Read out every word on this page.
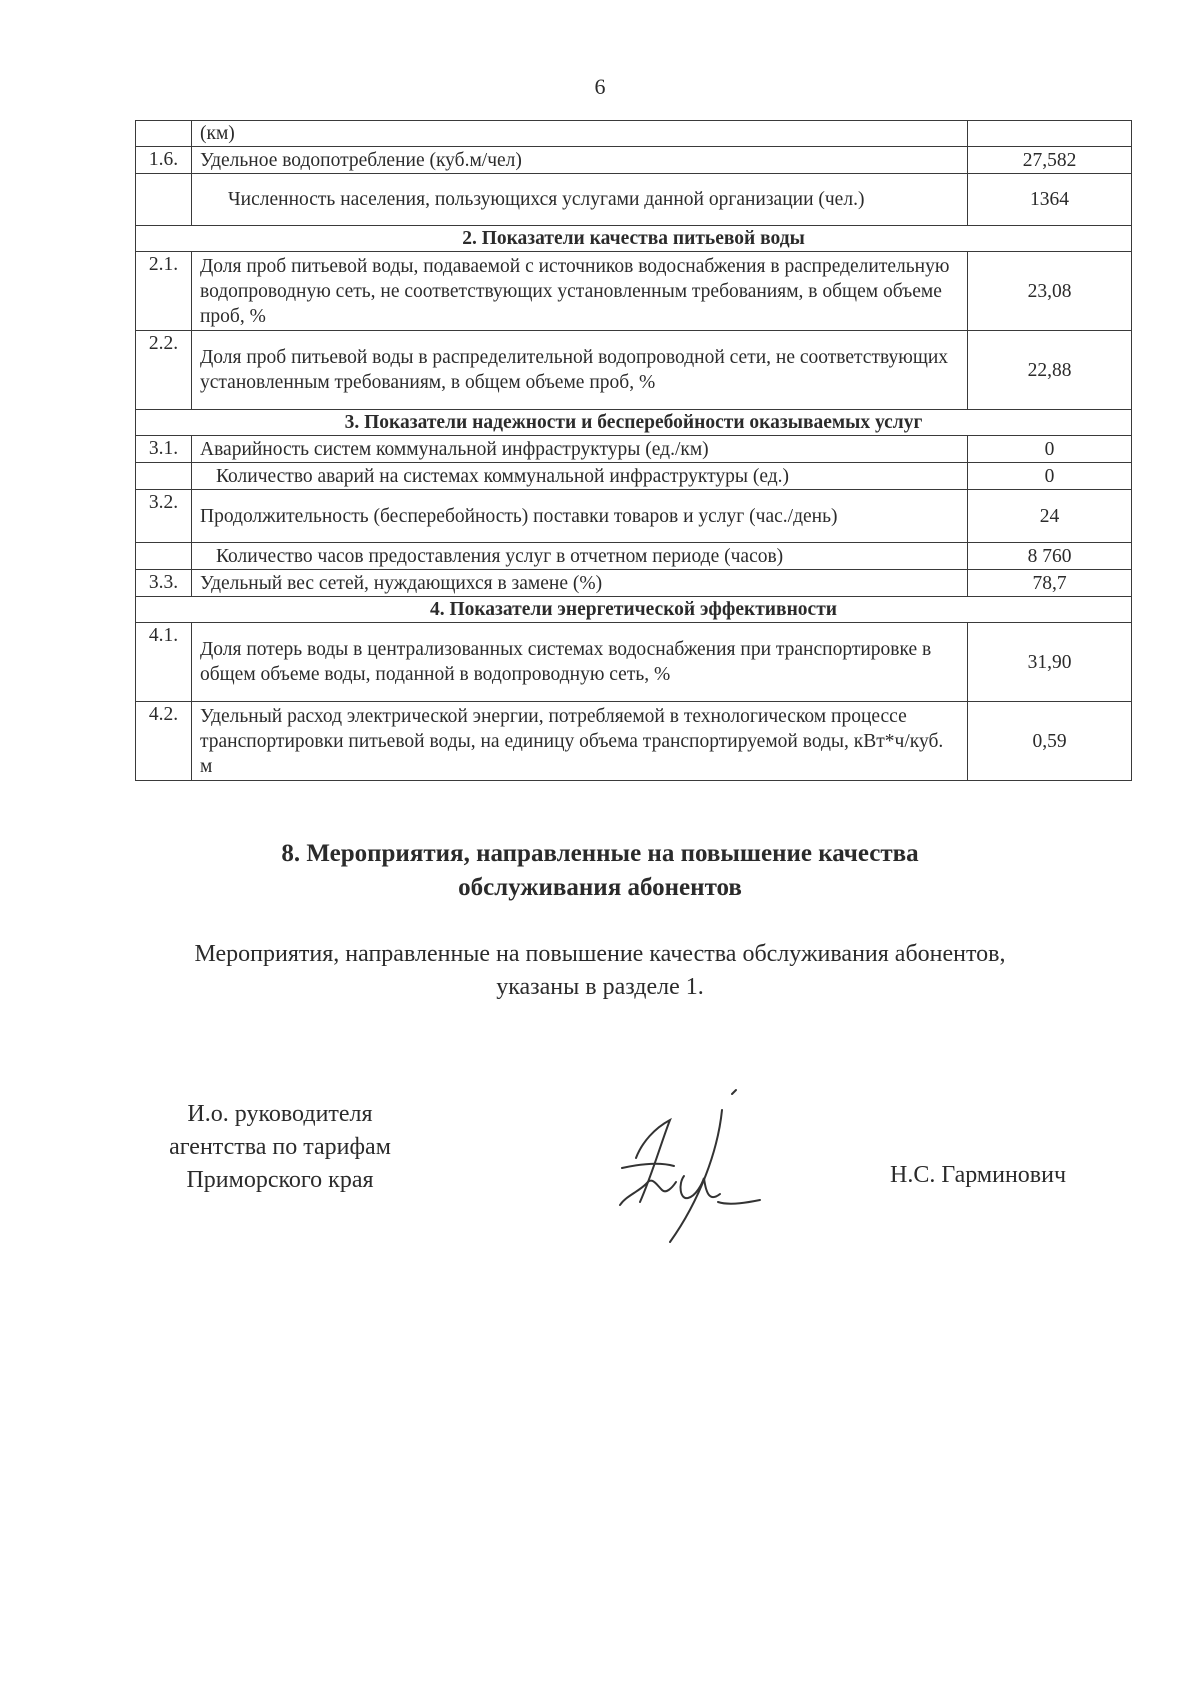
6
	(км)	
1.6.	Удельное водопотребление (куб.м/чел)	27,582
	Численность населения, пользующихся услугами данной организации (чел.)	1364
2. Показатели качества питьевой воды		
2.1.	Доля проб питьевой воды, подаваемой с источников водоснабжения в распределительную водопроводную сеть, не соответствующих установленным требованиям, в общем объеме проб, %	23,08
2.2.	Доля проб питьевой воды в распределительной водопроводной сети, не соответствующих установленным требованиям, в общем объеме проб, %	22,88
3. Показатели надежности и бесперебойности оказываемых услуг		
3.1.	Аварийность систем коммунальной инфраструктуры (ед./км)	0
	Количество аварий на системах коммунальной инфраструктуры (ед.)	0
3.2.	Продолжительность (бесперебойность) поставки товаров и услуг (час./день)	24
	Количество часов предоставления услуг в отчетном периоде (часов)	8 760
3.3.	Удельный вес сетей, нуждающихся в замене (%)	78,7
4. Показатели энергетической эффективности		
4.1.	Доля потерь воды в централизованных системах водоснабжения при транспортировке в общем объеме воды, поданной в водопроводную сеть, %	31,90
4.2.	Удельный расход электрической энергии, потребляемой в технологическом процессе транспортировки питьевой воды, на единицу объема транспортируемой воды, кВт*ч/куб. м	0,59
8. Мероприятия, направленные на повышение качества
обслуживания абонентов
Мероприятия, направленные на повышение качества обслуживания абонентов,
указаны в разделе 1.
И.о. руководителя
агентства по тарифам
Приморского края	Н.С. Гарминович
